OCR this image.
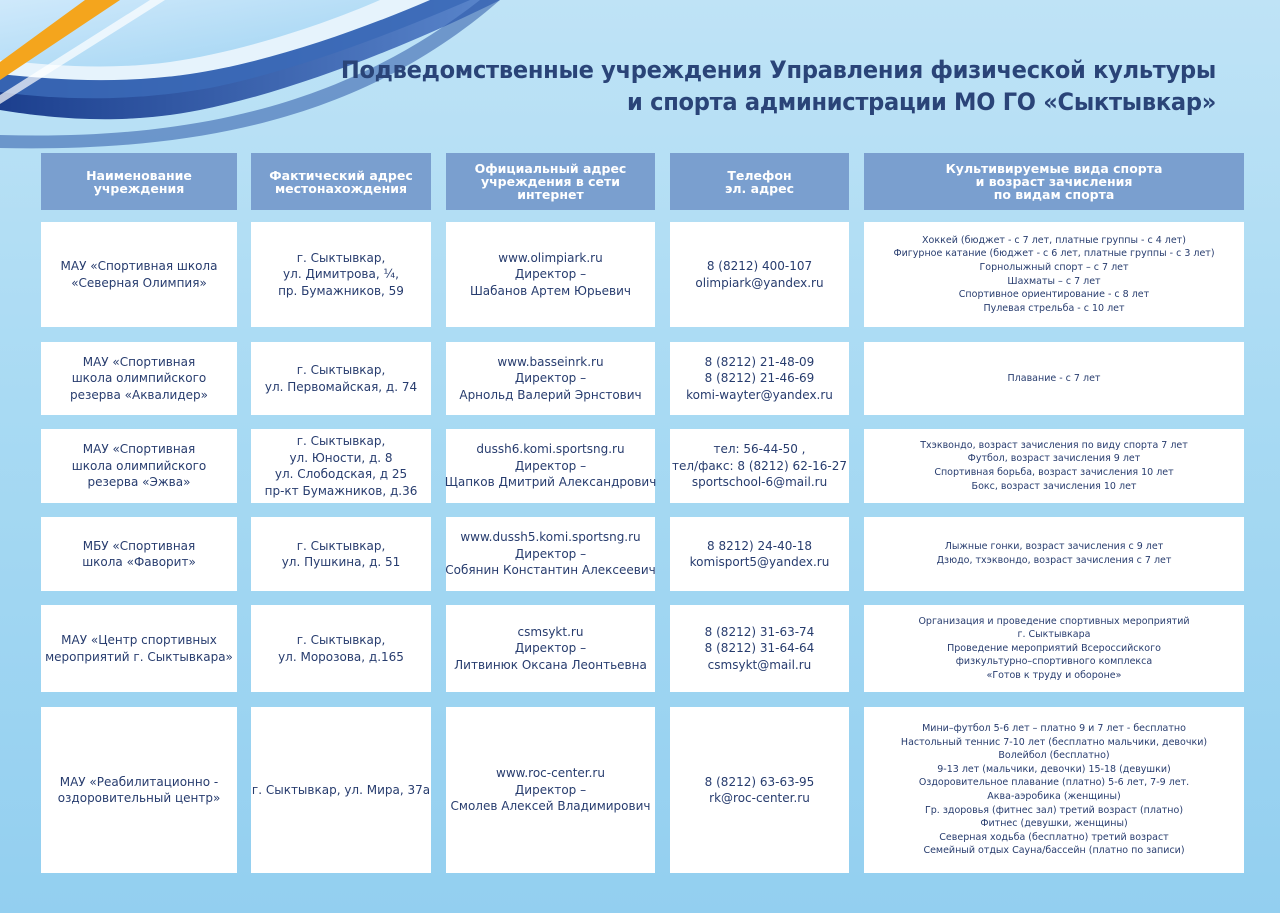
Подведомственные учреждения Управления физической культуры
и спорта администрации МО ГО «Сыктывкар»
Наименование
учреждения
Фактический адрес
местонахождения
Официальный адрес
учреждения в сети
интернет
Телефон
эл. адрес
Культивируемые вида спорта
и возраст зачисления
по видам спорта
МАУ «Спортивная школа
«Северная Олимпия»
г. Сыктывкар,
ул. Димитрова, ¼,
пр. Бумажников, 59
www.olimpiark.ru
Директор –
Шабанов Артем Юрьевич
8 (8212) 400-107
olimpiark@yandex.ru
Хоккей (бюджет - с 7 лет, платные группы - с 4 лет)
Фигурное катание (бюджет - с 6 лет, платные группы - с 3 лет)
Горнолыжный спорт – с 7 лет
Шахматы – с 7 лет
Спортивное ориентирование - с 8 лет
Пулевая стрельба - с 10 лет
МАУ «Спортивная
школа олимпийского
резерва «Аквалидер»
г. Сыктывкар,
ул. Первомайская, д. 74
www.basseinrk.ru
Директор –
Арнольд Валерий Эрнстович
8 (8212) 21-48-09
8 (8212) 21-46-69
komi-wayter@yandex.ru
Плавание - с 7 лет
МАУ «Спортивная
школа олимпийского
резерва «Эжва»
г. Сыктывкар,
ул. Юности, д. 8
ул. Слободская, д 25
пр-кт Бумажников, д.36
dussh6.komi.sportsng.ru
Директор –
Щапков Дмитрий Александрович
тел: 56-44-50 ,
тел/факс: 8 (8212) 62-16-27
sportschool-6@mail.ru
Тхэквондо, возраст зачисления по виду спорта 7 лет
Футбол, возраст зачисления 9 лет
Спортивная борьба, возраст зачисления 10 лет
Бокс, возраст зачисления 10 лет
МБУ «Спортивная
школа «Фаворит»
г. Сыктывкар,
ул. Пушкина, д. 51
www.dussh5.komi.sportsng.ru
Директор –
Собянин Константин Алексеевич
8 8212) 24-40-18
komisport5@yandex.ru
Лыжные гонки, возраст зачисления с 9 лет
Дзюдо, тхэквондо, возраст зачисления с 7 лет
МАУ «Центр спортивных
мероприятий г. Сыктывкара»
г. Сыктывкар,
ул. Морозова, д.165
csmsykt.ru
Директор –
Литвинюк Оксана Леонтьевна
8 (8212) 31-63-74
8 (8212) 31-64-64
csmsykt@mail.ru
Организация и проведение спортивных мероприятий
г. Сыктывкара
Проведение мероприятий Всероссийского
физкультурно–спортивного комплекса
«Готов к труду и обороне»
МАУ «Реабилитационно -
оздоровительный центр»
г. Сыктывкар, ул. Мира, 37а
www.roc-center.ru
Директор –
Смолев Алексей Владимирович
8 (8212) 63-63-95
rk@roc-center.ru
Мини–футбол 5-6 лет – платно 9 и 7 лет - бесплатно
Настольный теннис 7-10 лет (бесплатно мальчики, девочки)
Волейбол (бесплатно)
9-13 лет (мальчики, девочки) 15-18 (девушки)
Оздоровительное плавание (платно) 5-6 лет, 7-9 лет.
Аква-аэробика (женщины)
Гр. здоровья (фитнес зал) третий возраст (платно)
Фитнес (девушки, женщины)
Северная ходьба (бесплатно) третий возраст
Семейный отдых Сауна/бассейн (платно по записи)
